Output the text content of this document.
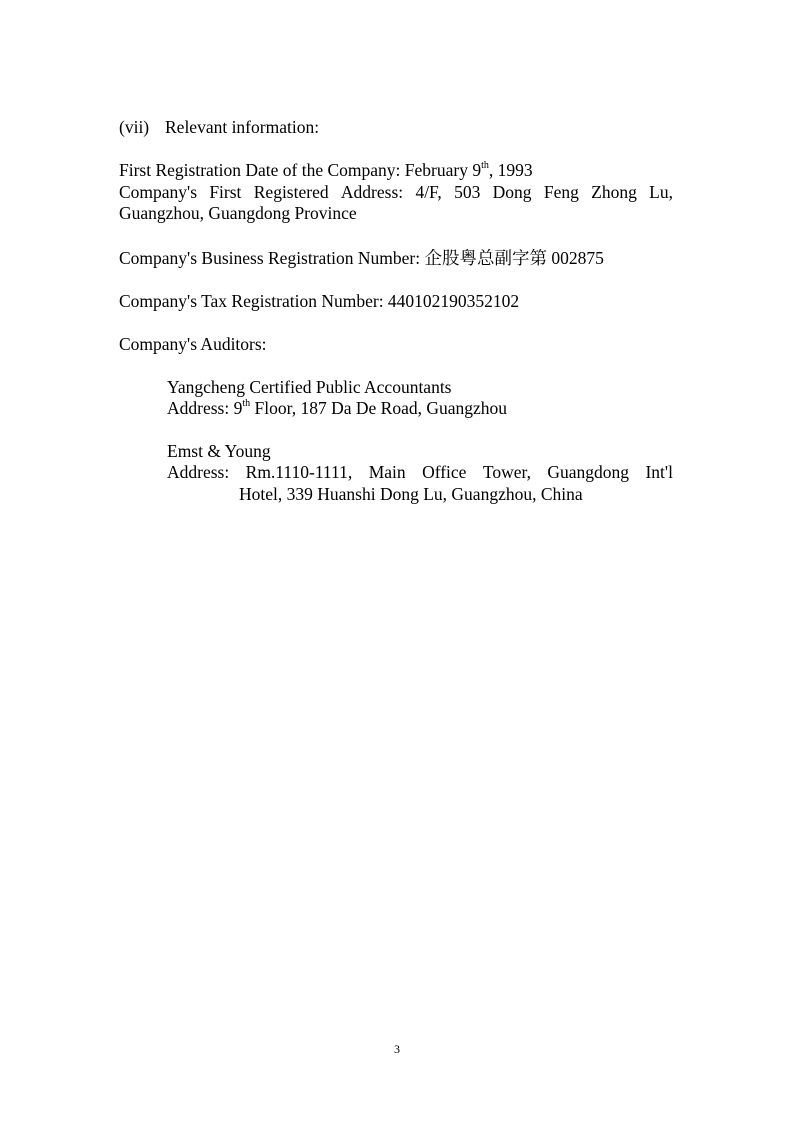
(vii) Relevant information:
First Registration Date of the Company: February 9th, 1993
Company's First Registered Address: 4/F, 503 Dong Feng Zhong Lu,
Guangzhou, Guangdong Province
Company's Business Registration Number: 企股粤总副字第 002875
Company's Tax Registration Number: 440102190352102
Company's Auditors:
Yangcheng Certified Public Accountants
Address: 9th Floor, 187 Da De Road, Guangzhou
Emst & Young
Address: Rm.1110-1111, Main Office Tower, Guangdong Int'l
Hotel, 339 Huanshi Dong Lu, Guangzhou, China
3
